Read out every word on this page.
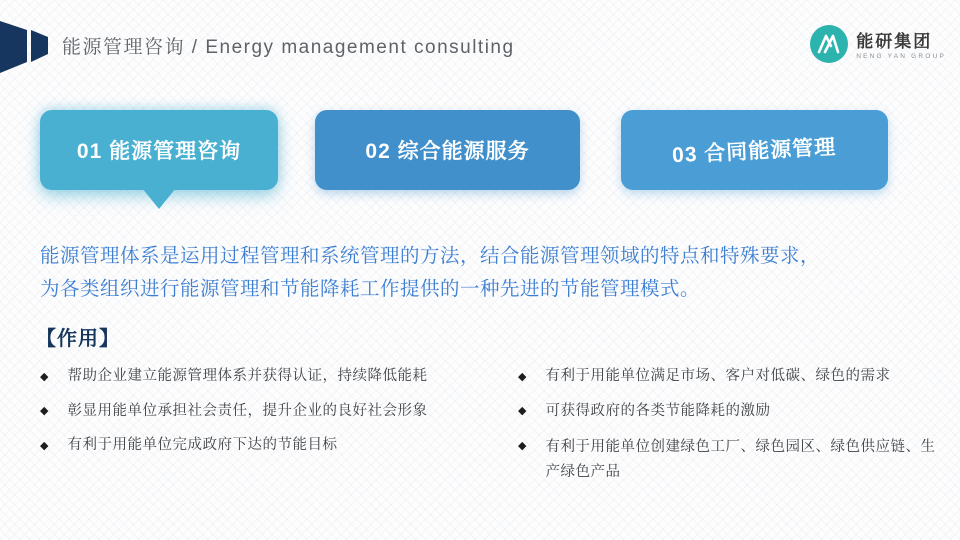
能源管理咨询 / Energy management consulting	能研集团
NENG YAN GROUP
01 能源管理咨询	02 综合能源服务	03 合同能源管理
能源管理体系是运用过程管理和系统管理的方法，结合能源管理领域的特点和特殊要求，
为各类组织进行能源管理和节能降耗工作提供的一种先进的节能管理模式。
【作用】
◆ 帮助企业建立能源管理体系并获得认证，持续降低能耗
◆ 彰显用能单位承担社会责任，提升企业的良好社会形象
◆ 有利于用能单位完成政府下达的节能目标
◆ 有利于用能单位满足市场、客户对低碳、绿色的需求
◆ 可获得政府的各类节能降耗的激励
◆ 有利于用能单位创建绿色工厂、绿色园区、绿色供应链、生产绿色产品
